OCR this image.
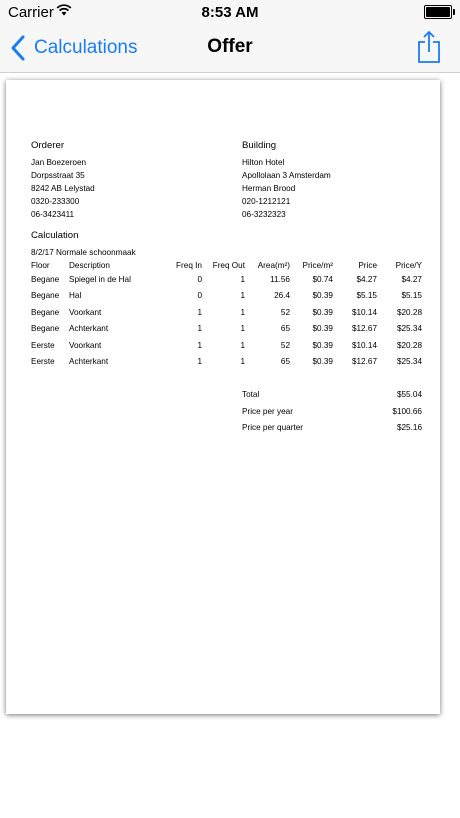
Carrier	8:53 AM
Calculations	Offer
Orderer
Jan Boezeroen
Dorpsstraat 35
8242 AB Lelystad
0320-233300
06-3423411
Building
Hilton Hotel
Apollolaan 3 Amsterdam
Herman Brood
020-1212121
06-3232323
Calculation
8/2/17 Normale schoonmaak
Floor Description	Freq In	Freq Out	Area(m²)	Price/m²	Price	Price/Y
Begane Spiegel in de Hal	0	1	11.56	$0.74	$4.27	$4.27
Begane Hal	0	1	26.4	$0.39	$5.15	$5.15
Begane Voorkant	1	1	52	$0.39	$10.14	$20.28
Begane Achterkant	1	1	65	$0.39	$12.67	$25.34
Eerste Voorkant	1	1	52	$0.39	$10.14	$20.28
Eerste Achterkant	1	1	65	$0.39	$12.67	$25.34
Total	$55.04
Price per year	$100.66
Price per quarter	$25.16
